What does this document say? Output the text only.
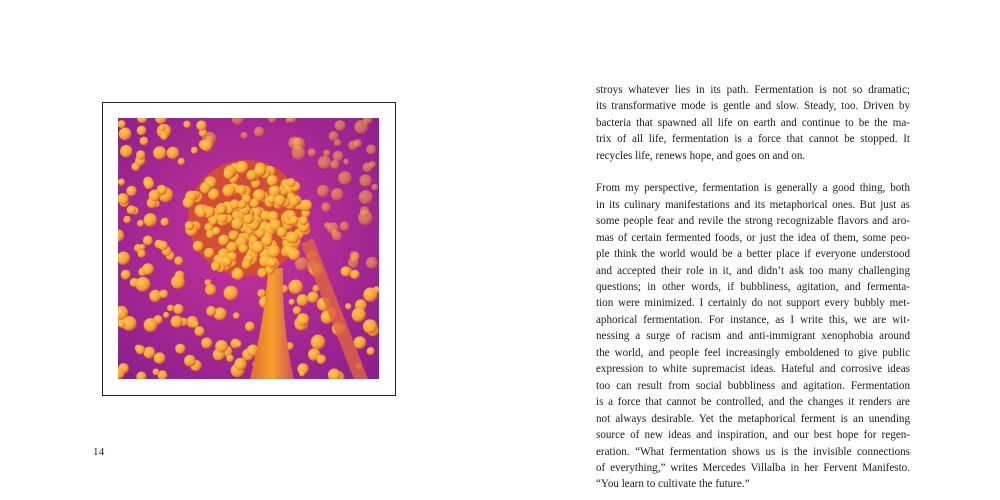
14

stroys whatever lies in its path. Fermentation is not so dramatic;
its transformative mode is gentle and slow. Steady, too. Driven by
bacteria that spawned all life on earth and continue to be the ma-
trix of all life, fermentation is a force that cannot be stopped. It
recycles life, renews hope, and goes on and on.

From my perspective, fermentation is generally a good thing, both
in its culinary manifestations and its metaphorical ones. But just as
some people fear and revile the strong recognizable flavors and aro-
mas of certain fermented foods, or just the idea of them, some peo-
ple think the world would be a better place if everyone understood
and accepted their role in it, and didn’t ask too many challenging
questions; in other words, if bubbliness, agitation, and fermenta-
tion were minimized. I certainly do not support every bubbly met-
aphorical fermentation. For instance, as I write this, we are wit-
nessing a surge of racism and anti-immigrant xenophobia around
the world, and people feel increasingly emboldened to give public
expression to white supremacist ideas. Hateful and corrosive ideas
too can result from social bubbliness and agitation. Fermentation
is a force that cannot be controlled, and the changes it renders are
not always desirable. Yet the metaphorical ferment is an unending
source of new ideas and inspiration, and our best hope for regen-
eration. “What fermentation shows us is the invisible connections
of everything,” writes Mercedes Villalba in her Fervent Manifesto.
“You learn to cultivate the future.”
